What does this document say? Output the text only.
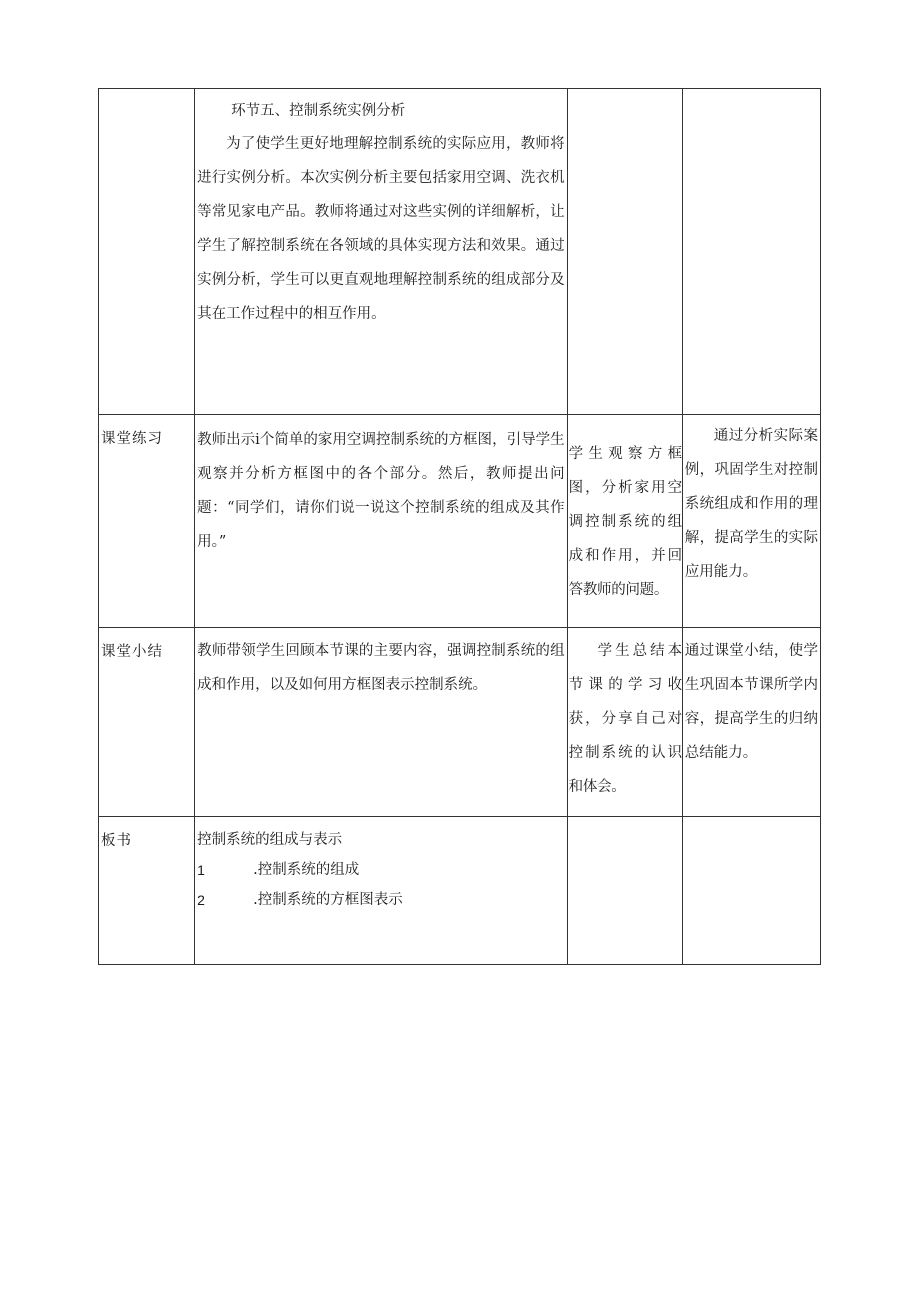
	环节五、控制系统实例分析

为了使学生更好地理解控制系统的实际应用，教师将进行实例分析。本次实例分析主要包括家用空调、洗衣机等常见家电产品。教师将通过对这些实例的详细解析，让学生了解控制系统在各领域的具体实现方法和效果。通过实例分析，学生可以更直观地理解控制系统的组成部分及其在工作过程中的相互作用。		

课堂练习	教师出示i个简单的家用空调控制系统的方框图，引导学生观察并分析方框图中的各个部分。然后，教师提出问题：“同学们，请你们说一说这个控制系统的组成及其作用。”	学生观察方框图，分析家用空调控制系统的组成和作用，并回答教师的问题。	通过分析实际案例，巩固学生对控制系统组成和作用的理解，提高学生的实际应用能力。

课堂小结	教师带领学生回顾本节课的主要内容，强调控制系统的组成和作用，以及如何用方框图表示控制系统。	学生总结本节课的学习收获，分享自己对控制系统的认识和体会。	通过课堂小结，使学生巩固本节课所学内容，提高学生的归纳总结能力。

板书	控制系统的组成与表示
1 .控制系统的组成
2 .控制系统的方框图表示		
